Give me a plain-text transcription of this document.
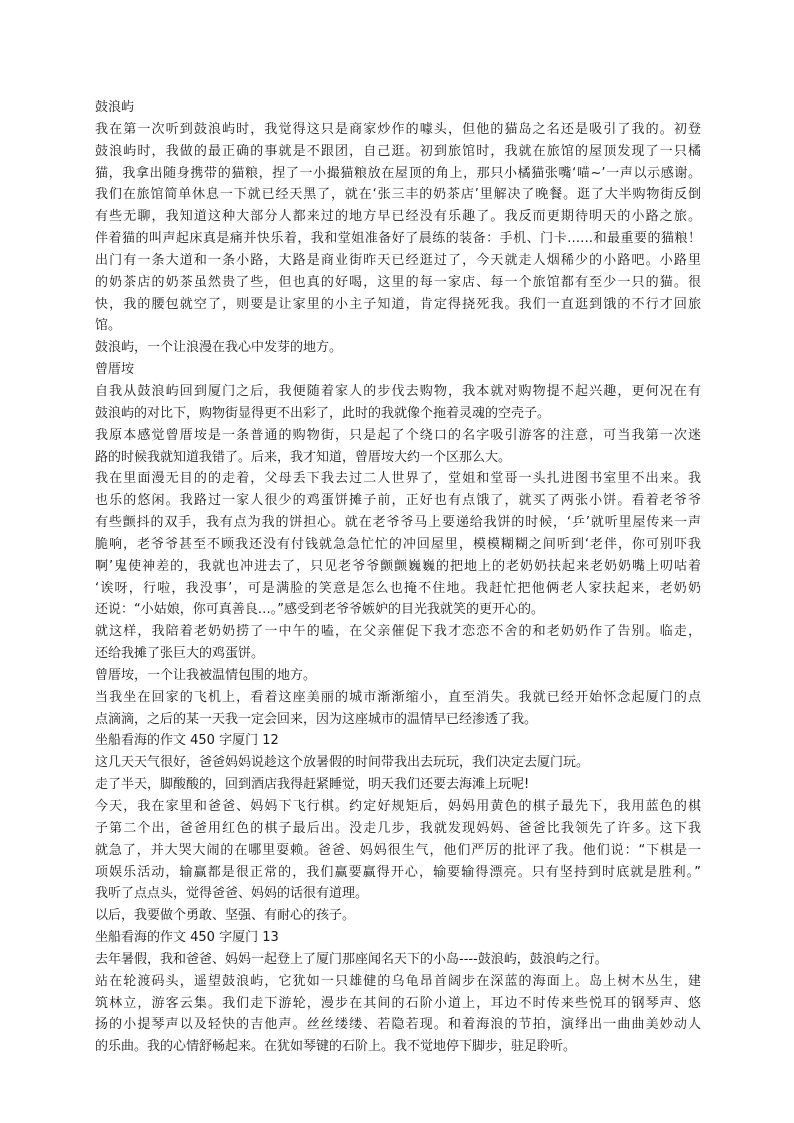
鼓浪屿
我在第一次听到鼓浪屿时，我觉得这只是商家炒作的噱头，但他的猫岛之名还是吸引了我的。初登
鼓浪屿时，我做的最正确的事就是不跟团，自己逛。初到旅馆时，我就在旅馆的屋顶发现了一只橘
猫，我拿出随身携带的猫粮，捏了一小撮猫粮放在屋顶的角上，那只小橘猫张嘴‘喵~’一声以示感谢。
我们在旅馆简单休息一下就已经天黑了，就在‘张三丰的奶茶店’里解决了晚餐。逛了大半购物街反倒
有些无聊，我知道这种大部分人都来过的地方早已经没有乐趣了。我反而更期待明天的小路之旅。
伴着猫的叫声起床真是痛并快乐着，我和堂姐准备好了晨练的装备：手机、门卡……和最重要的猫粮！
出门有一条大道和一条小路，大路是商业街昨天已经逛过了，今天就走人烟稀少的小路吧。小路里
的奶茶店的奶茶虽然贵了些，但也真的好喝，这里的每一家店、每一个旅馆都有至少一只的猫。很
快，我的腰包就空了，则要是让家里的小主子知道，肯定得挠死我。我们一直逛到饿的不行才回旅
馆。
鼓浪屿，一个让浪漫在我心中发芽的地方。
曾厝垵
自我从鼓浪屿回到厦门之后，我便随着家人的步伐去购物，我本就对购物提不起兴趣，更何况在有
鼓浪屿的对比下，购物街显得更不出彩了，此时的我就像个拖着灵魂的空壳子。
我原本感觉曾厝垵是一条普通的购物街，只是起了个绕口的名字吸引游客的注意，可当我第一次迷
路的时候我就知道我错了。后来，我才知道，曾厝垵大约一个区那么大。
我在里面漫无目的的走着，父母丢下我去过二人世界了，堂姐和堂哥一头扎进图书室里不出来。我
也乐的悠闲。我路过一家人很少的鸡蛋饼摊子前，正好也有点饿了，就买了两张小饼。看着老爷爷
有些颤抖的双手，我有点为我的饼担心。就在老爷爷马上要递给我饼的时候，‘乒’就听里屋传来一声
脆响，老爷爷甚至不顾我还没有付钱就急急忙忙的冲回屋里，模模糊糊之间听到‘老伴，你可别吓我
啊’鬼使神差的，我就也冲进去了，只见老爷爷颤颤巍巍的把地上的老奶奶扶起来老奶奶嘴上叨咕着
‘诶呀，行啦，我没事’，可是满脸的笑意是怎么也掩不住地。我赶忙把他俩老人家扶起来，老奶奶
还说：“小姑娘，你可真善良…。”感受到老爷爷嫉妒的目光我就笑的更开心的。
就这样，我陪着老奶奶捞了一中午的嗑，在父亲催促下我才恋恋不舍的和老奶奶作了告别。临走，
还给我摊了张巨大的鸡蛋饼。
曾厝垵，一个让我被温情包围的地方。
当我坐在回家的飞机上，看着这座美丽的城市渐渐缩小，直至消失。我就已经开始怀念起厦门的点
点滴滴，之后的某一天我一定会回来，因为这座城市的温情早已经渗透了我。
坐船看海的作文 450 字厦门 12
这几天天气很好，爸爸妈妈说趁这个放暑假的时间带我出去玩玩，我们决定去厦门玩。
走了半天，脚酸酸的，回到酒店我得赶紧睡觉，明天我们还要去海滩上玩呢!
今天，我在家里和爸爸、妈妈下飞行棋。约定好规矩后，妈妈用黄色的棋子最先下，我用蓝色的棋
子第二个出，爸爸用红色的棋子最后出。没走几步，我就发现妈妈、爸爸比我领先了许多。这下我
就急了，并大哭大闹的在哪里耍赖。爸爸、妈妈很生气，他们严厉的批评了我。他们说：“下棋是一
项娱乐活动，输赢都是很正常的，我们赢要赢得开心，输要输得漂亮。只有坚持到时底就是胜利。”
我听了点点头，觉得爸爸、妈妈的话很有道理。
以后，我要做个勇敢、坚强、有耐心的孩子。
坐船看海的作文 450 字厦门 13
去年暑假，我和爸爸、妈妈一起登上了厦门那座闻名天下的小岛----鼓浪屿，鼓浪屿之行。
站在轮渡码头，遥望鼓浪屿，它犹如一只雄健的乌龟昂首阔步在深蓝的海面上。岛上树木丛生，建
筑林立，游客云集。我们走下游轮，漫步在其间的石阶小道上，耳边不时传来些悦耳的钢琴声、悠
扬的小提琴声以及轻快的吉他声。丝丝缕缕、若隐若现。和着海浪的节拍，演绎出一曲曲美妙动人
的乐曲。我的心情舒畅起来。在犹如琴键的石阶上。我不觉地停下脚步，驻足聆听。
